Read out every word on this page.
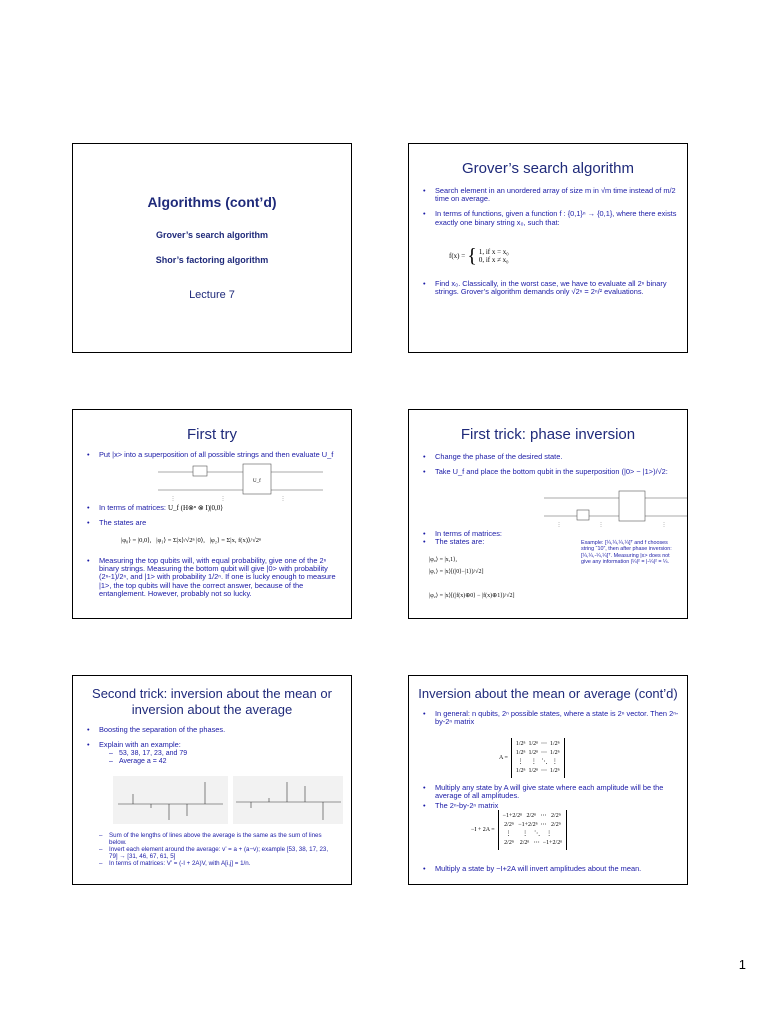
Algorithms (cont’d)
Grover’s search algorithm
Shor’s factoring algorithm
Lecture 7
Grover’s search algorithm
• Search element in an unordered array of size m in √m time instead of m/2 time on average.
• In terms of functions, given a function f : {0,1}ⁿ → {0,1}, where there exists exactly one binary string x₀, such that:
f(x) = { 1, if x = x₀
0, if x ≠ x₀
• Find x₀. Classically, in the worst case, we have to evaluate all 2ⁿ binary strings. Grover’s algorithm demands only √2ⁿ = 2ⁿ/² evaluations.
First try
• Put |x> into a superposition of all possible strings and then evaluate U_f
U_f
• In terms of matrices: U_f (H⊗ⁿ ⊗ I)|0,0⟩
• The states are
|φ₀⟩ = |0,0⟩,   |φ₁⟩ = Σ|x⟩/√2ⁿ |0⟩,   |φ₂⟩ = Σ|x, f(x)⟩/√2ⁿ
• Measuring the top qubits will, with equal probability, give one of the 2ⁿ binary strings. Measuring the bottom qubit will give |0> with probability (2ⁿ-1)/2ⁿ, and |1> with probability 1/2ⁿ. If one is lucky enough to measure |1>, the top qubits will have the correct answer, because of the entanglement. However, probably not so lucky.
First trick: phase inversion
• Change the phase of the desired state.
• Take U_f and place the bottom qubit in the superposition (|0> − |1>)/√2:
• In terms of matrices:
• The states are:
|φ₀⟩ = |x,1⟩,
|φ₁⟩ = |x⟩[(|0⟩−|1⟩)/√2]

|φ₂⟩ = |x⟩[(|f(x)⊕0⟩ − |f(x)⊕1⟩)/√2]
Example: [¼,¼,¼,¼]ᵀ and f chooses string “10”, then after phase inversion: [¼,¼,-¼,¼]ᵀ. Measuring |x> does not give any information |¼|² = |-¼|² = ¼.
Second trick: inversion about the mean or inversion about the average
• Boosting the separation of the phases.
• Explain with an example:
– 53, 38, 17, 23, and 79
– Average a = 42
– Sum of the lengths of lines above the average is the same as the sum of lines below.
– Invert each element around the average: v’ = a + (a−v); example [53, 38, 17, 23, 79] → [31, 46, 67, 61, 5]
– In terms of matrices: V’ = (-I + 2A)V, with A[i,j] = 1/n.
Inversion about the mean or average (cont’d)
• In general: n qubits, 2ⁿ possible states, where a state is 2ⁿ vector. Then 2ⁿ-by-2ⁿ matrix
A =
1/2ⁿ  1/2ⁿ  ⋯  1/2ⁿ
1/2ⁿ  1/2ⁿ  ⋯  1/2ⁿ
⋮     ⋮   ⋱   ⋮
1/2ⁿ  1/2ⁿ  ⋯  1/2ⁿ
• Multiply any state by A will give state where each amplitude will be the average of all amplitudes.
• The 2ⁿ-by-2ⁿ matrix
−I + 2A =
−1+2/2ⁿ   2/2ⁿ   ⋯   2/2ⁿ
2/2ⁿ   −1+2/2ⁿ  ⋯   2/2ⁿ
⋮       ⋮    ⋱    ⋮
2/2ⁿ    2/2ⁿ   ⋯  −1+2/2ⁿ
• Multiply a state by −I+2A will invert amplitudes about the mean.
1
